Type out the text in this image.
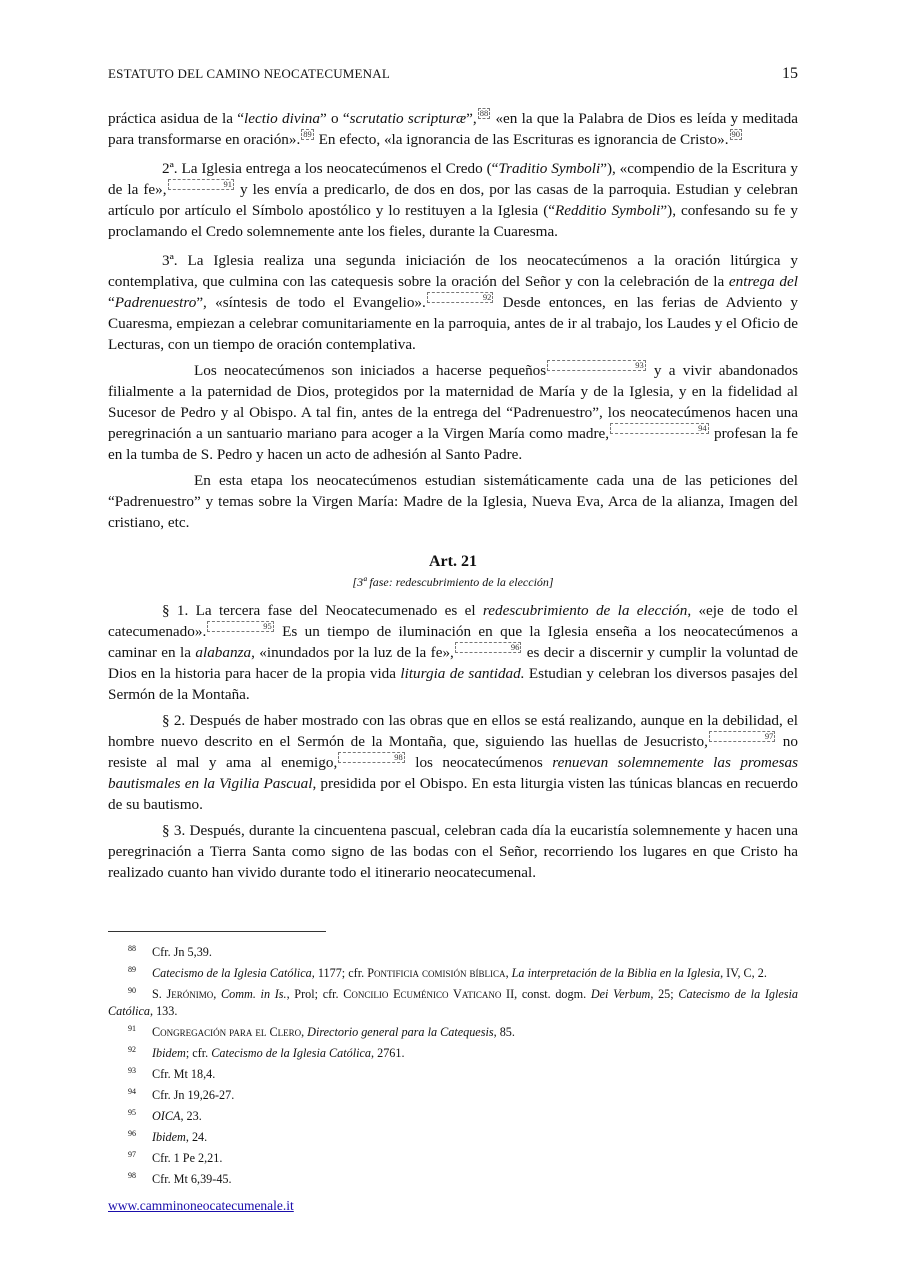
ESTATUTO DEL CAMINO NEOCATECUMENAL	15

práctica asidua de la “lectio divina” o “scrutatio scripturæ”, $^{88}$ «en la que la Palabra de Dios es leída y meditada para transformarse en oración». $^{89}$ En efecto, «la ignorancia de las Escrituras es ignorancia de Cristo». $^{90}$

2ª. La Iglesia entrega a los neocatecúmenos el Credo (“Traditio Symboli”), «compendio de la Escritura y de la fe»,	$^{91}$ y les envía a predicarlo, de dos en dos, por las casas de la parroquia. Estudian y celebran artículo por artículo el Símbolo apostólico y lo restituyen a la Iglesia (“Redditio Symboli”), confesando su fe y proclamando el Credo solemnemente ante los fieles, durante la Cuaresma.

3ª. La Iglesia realiza una segunda iniciación de los neocatecúmenos a la oración litúrgica y contemplativa, que culmina con las catequesis sobre la oración del Señor y con la celebración de la entrega del “Padrenuestro”, «síntesis de todo el Evangelio».	$^{92}$ Desde entonces, en las ferias de Adviento y Cuaresma, empiezan a celebrar comunitariamente en la parroquia, antes de ir al trabajo, los Laudes y el Oficio de Lecturas, con un tiempo de oración contemplativa.

Los neocatecúmenos son iniciados a hacerse pequeños	$^{93}$ y a vivir abandonados filialmente a la paternidad de Dios, protegidos por la maternidad de María y de la Iglesia, y en la fidelidad al Sucesor de Pedro y al Obispo. A tal fin, antes de la entrega del “Padrenuestro”, los neocatecúmenos hacen una peregrinación a un santuario mariano para acoger a la Virgen María como madre,	$^{94}$ profesan la fe en la tumba de S. Pedro y hacen un acto de adhesión al Santo Padre.

En esta etapa los neocatecúmenos estudian sistemáticamente cada una de las peticiones del “Padrenuestro” y temas sobre la Virgen María: Madre de la Iglesia, Nueva Eva, Arca de la alianza, Imagen del cristiano, etc.

Art. 21
[3ª fase: redescubrimiento de la elección]

§ 1. La tercera fase del Neocatecumenado es el redescubrimiento de la elección, «eje de todo el catecumenado».	$^{95}$ Es un tiempo de iluminación en que la Iglesia enseña a los neocatecúmenos a caminar en la alabanza, «inundados por la luz de la fe»,	$^{96}$ es decir a discernir y cumplir la voluntad de Dios en la historia para hacer de la propia vida liturgia de santidad. Estudian y celebran los diversos pasajes del Sermón de la Montaña.

§ 2. Después de haber mostrado con las obras que en ellos se está realizando, aunque en la debilidad, el hombre nuevo descrito en el Sermón de la Montaña, que, siguiendo las huellas de Jesucristo,	$^{97}$ no resiste al mal y ama al enemigo,	$^{98}$ los neocatecúmenos renuevan solemnemente las promesas bautismales en la Vigilia Pascual, presidida por el Obispo. En esta liturgia visten las túnicas blancas en recuerdo de su bautismo.

§ 3. Después, durante la cincuentena pascual, celebran cada día la eucaristía solemnemente y hacen una peregrinación a Tierra Santa como signo de las bodas con el Señor, recorriendo los lugares en que Cristo ha realizado cuanto han vivido durante todo el itinerario neocatecumenal.

88 Cfr. Jn 5,39.

89 Catecismo de la Iglesia Católica, 1177; cfr. Pontificia comisión bíblica, La interpretación de la Biblia en la Iglesia, IV, C, 2.

90 S. Jerónimo, Comm. in Is., Prol; cfr. Concilio Ecuménico Vaticano II, const. dogm. Dei Verbum, 25; Catecismo de la Iglesia Católica, 133.

91 Congregación para el Clero, Directorio general para la Catequesis, 85.

92 Ibidem; cfr. Catecismo de la Iglesia Católica, 2761.

93 Cfr. Mt 18,4.

94 Cfr. Jn 19,26-27.

95 OICA, 23.

96 Ibidem, 24.

97 Cfr. 1 Pe 2,21.

98 Cfr. Mt 6,39-45.

www.camminoneocatecumenale.it
